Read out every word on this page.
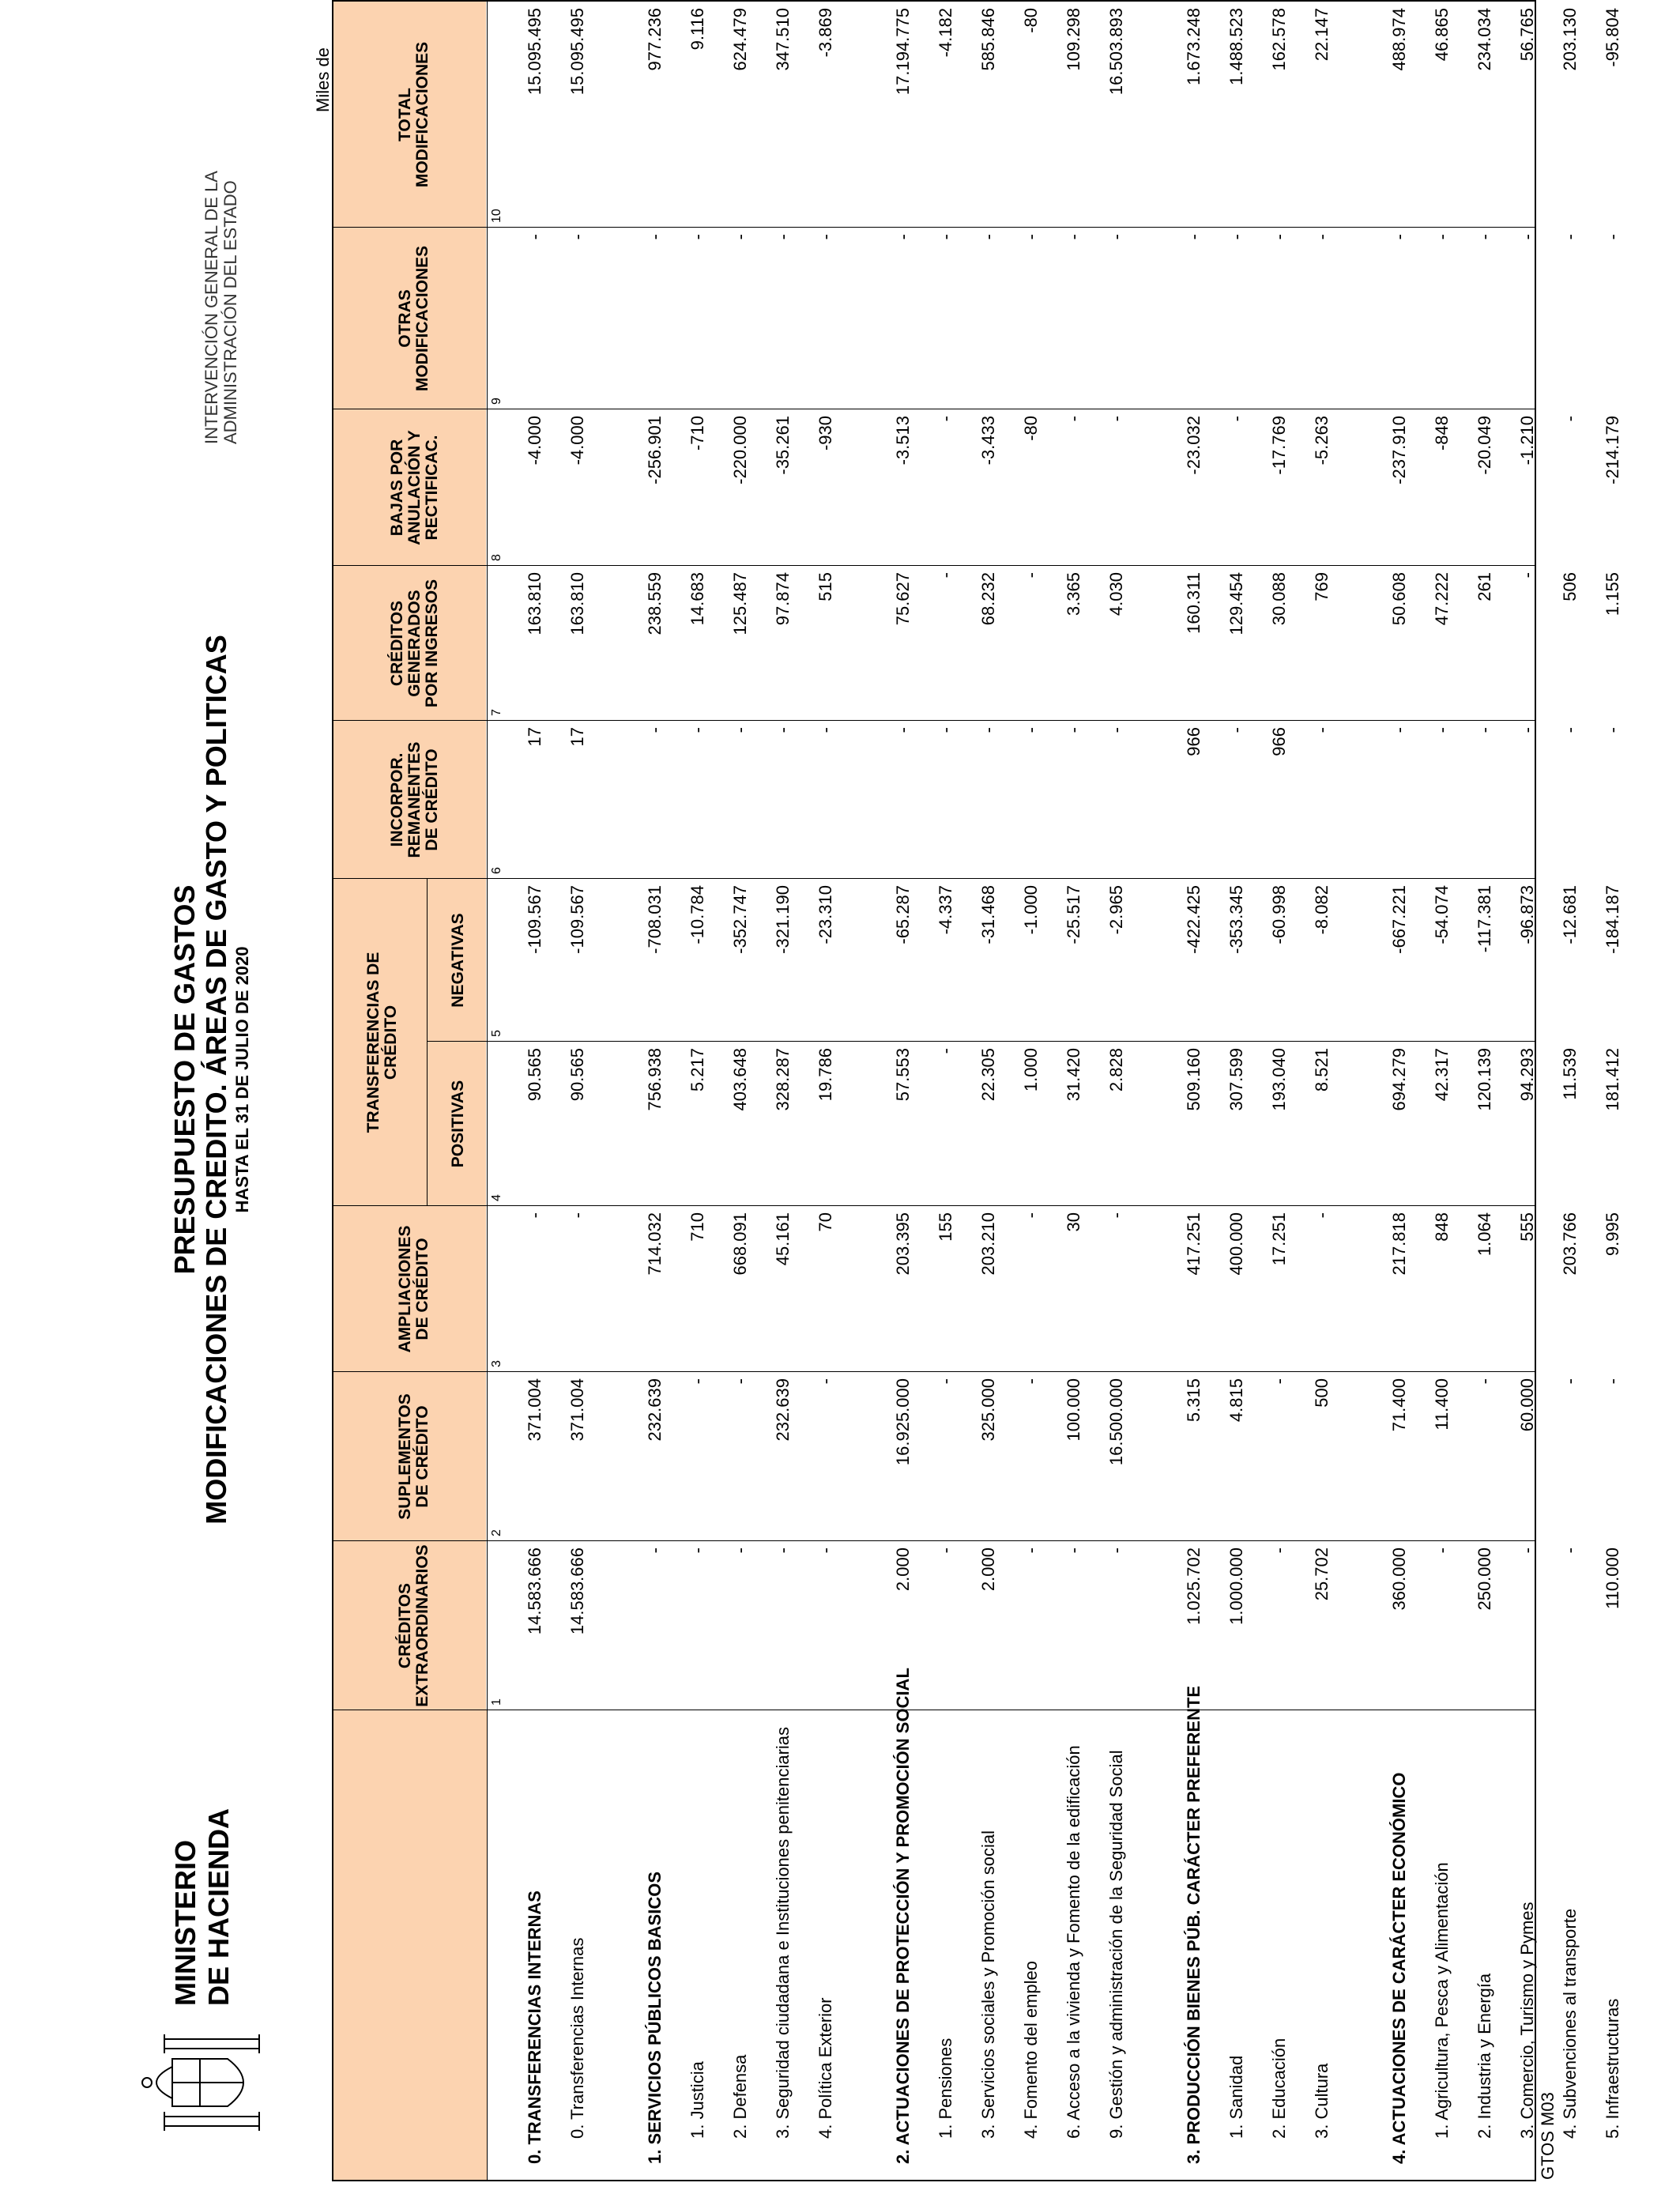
MINISTERIO DE HACIENDA
PRESUPUESTO DE GASTOS MODIFICACIONES DE CREDITO. ÁREAS DE GASTO Y POLITICAS HASTA EL 31 DE JULIO DE 2020
INTERVENCIÓN GENERAL DE LA ADMINISTRACIÓN DEL ESTADO
Miles de
CRÉDITOS EXTRAORDINARIOS	1
SUPLEMENTOS DE CRÉDITO
2
AMPLIACIONES DE CRÉDITO
3
TRANSFERENCIAS DE CRÉDITO
POSITIVAS
NEGATIVAS
4
5
INCORPOR. REMANENTES DE CRÉDITO
6
CRÉDITOS GENERADOS POR INGRESOS
7
BAJAS POR ANULACIÓN Y RECTIFICAC.
8
OTRAS MODIFICACIONES
9
TOTAL MODIFICACIONES
10
0. TRANSFERENCIAS INTERNAS
14.583.666
371.004
-
90.565
-109.567
17
163.810
-4.000
-
15.095.495
0. Transferencias Internas
14.583.666
371.004
-
90.565
-109.567
17
163.810
-4.000
-
15.095.495
1. SERVICIOS PÚBLICOS BASICOS
-
232.639
714.032
756.938
-708.031
-
238.559
-256.901
-
977.236
1. Justicia
-
-
710
5.217
-10.784
-
14.683
-710
-
9.116
2. Defensa
-
-
668.091
403.648
-352.747
-
125.487
-220.000
-
624.479
3. Seguridad ciudadana e Instituciones penitenciarias
-
232.639
45.161
328.287
-321.190
-
97.874
-35.261
-
347.510
4. Política Exterior
-
-
70
19.786
-23.310
-
515
-930
-
-3.869
2. ACTUACIONES DE PROTECCIÓN Y PROMOCIÓN SOCIAL
2.000
16.925.000
203.395
57.553
-65.287
-
75.627
-3.513
-
17.194.775
1. Pensiones
-
-
155
-
-4.337
-
-
-
-
-4.182
3. Servicios sociales y Promoción social
2.000
325.000
203.210
22.305
-31.468
-
68.232
-3.433
-
585.846
4. Fomento del empleo
-
-
-
1.000
-1.000
-
-
-80
-
-80
6. Acceso a la vivienda y Fomento de la edificación
-
100.000
30
31.420
-25.517
-
3.365
-
-
109.298
9. Gestión y administración de la Seguridad Social
-
16.500.000
-
2.828
-2.965
-
4.030
-
-
16.503.893
3. PRODUCCIÓN BIENES PÚB. CARÁCTER PREFERENTE
1.025.702
5.315
417.251
509.160
-422.425
966
160.311
-23.032
-
1.673.248
1. Sanidad
1.000.000
4.815
400.000
307.599
-353.345
-
129.454
-
-
1.488.523
2. Educación
-
-
17.251
193.040
-60.998
966
30.088
-17.769
-
162.578
3. Cultura
25.702
500
-
8.521
-8.082
-
769
-5.263
-
22.147
4. ACTUACIONES DE CARÁCTER ECONÓMICO
360.000
71.400
217.818
694.279
-667.221
-
50.608
-237.910
-
488.974
1. Agricultura, Pesca y Alimentación
-
11.400
848
42.317
-54.074
-
47.222
-848
-
46.865
2. Industria y Energía
250.000
-
1.064
120.139
-117.381
-
261
-20.049
-
234.034
3. Comercio, Turismo y Pymes
-
60.000
555
94.293
-96.873
-
-
-1.210
-
56.765
4. Subvenciones al transporte
-
-
203.766
11.539
-12.681
-
506
-
-
203.130
5. Infraestructuras
110.000
-
9.995
181.412
-184.187
-
1.155
-214.179
-
-95.804
GTOS M03
